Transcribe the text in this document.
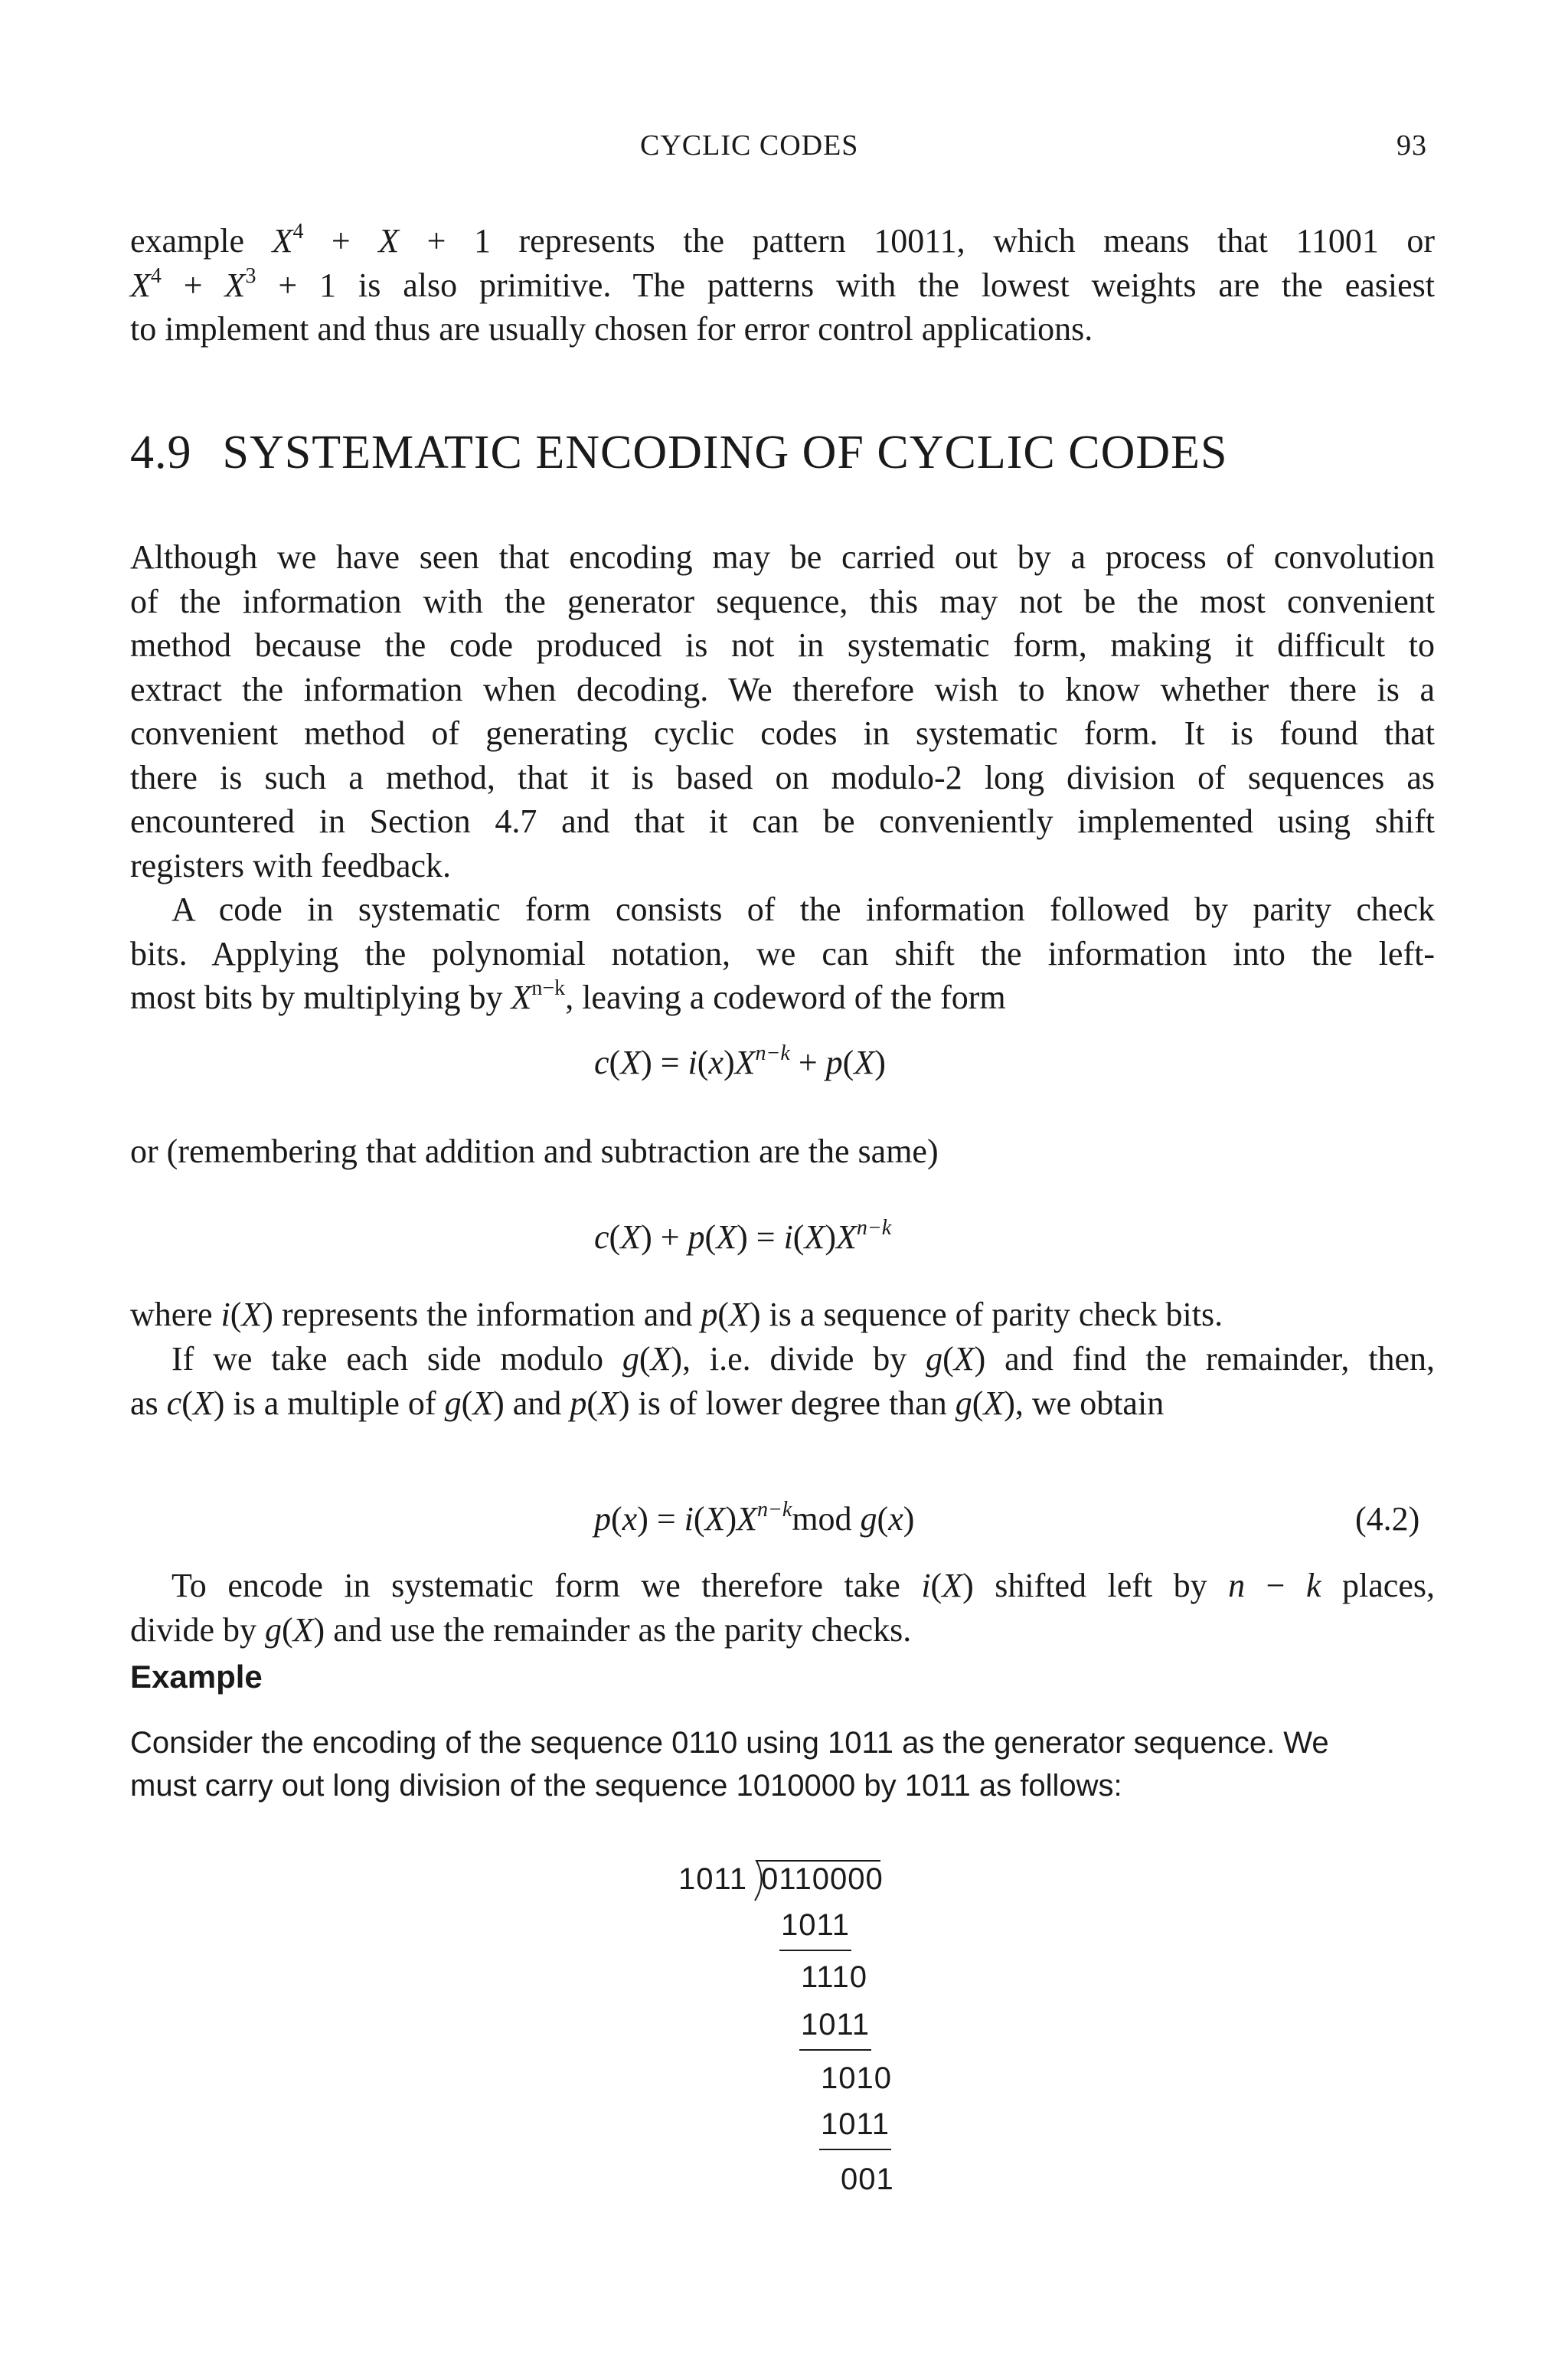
CYCLIC CODES	93

example $X^4 + X + 1$ represents the pattern 10011, which means that 11001 or
$X^4 + X^3 + 1$ is also primitive. The patterns with the lowest weights are the easiest
to implement and thus are usually chosen for error control applications.

4.9 SYSTEMATIC ENCODING OF CYCLIC CODES

Although we have seen that encoding may be carried out by a process of convolution
of the information with the generator sequence, this may not be the most convenient
method because the code produced is not in systematic form, making it difficult to
extract the information when decoding. We therefore wish to know whether there is a
convenient method of generating cyclic codes in systematic form. It is found that
there is such a method, that it is based on modulo-2 long division of sequences as
encountered in Section 4.7 and that it can be conveniently implemented using shift
registers with feedback.

A code in systematic form consists of the information followed by parity check
bits. Applying the polynomial notation, we can shift the information into the left-
most bits by multiplying by $X^{n-k}$, leaving a codeword of the form

$c(X) = i(x)X^{n-k} + p(X)$

or (remembering that addition and subtraction are the same)

$c(X) + p(X) = i(X)X^{n-k}$

where i(X) represents the information and p(X) is a sequence of parity check bits.

If we take each side modulo g(X), i.e. divide by g(X) and find the remainder, then,
as c(X) is a multiple of g(X) and p(X) is of lower degree than g(X), we obtain

$p(x) = i(X)X^{n-k}mod$ g(x)	(4.2)

To encode in systematic form we therefore take i(X) shifted left by n − k places,
divide by g(X) and use the remainder as the parity checks.

Example

Consider the encoding of the sequence 0110 using 1011 as the generator sequence. We
must carry out long division of the sequence 1010000 by 1011 as follows:

1011 0110000
1011
1110
1011
1010
1011
001
